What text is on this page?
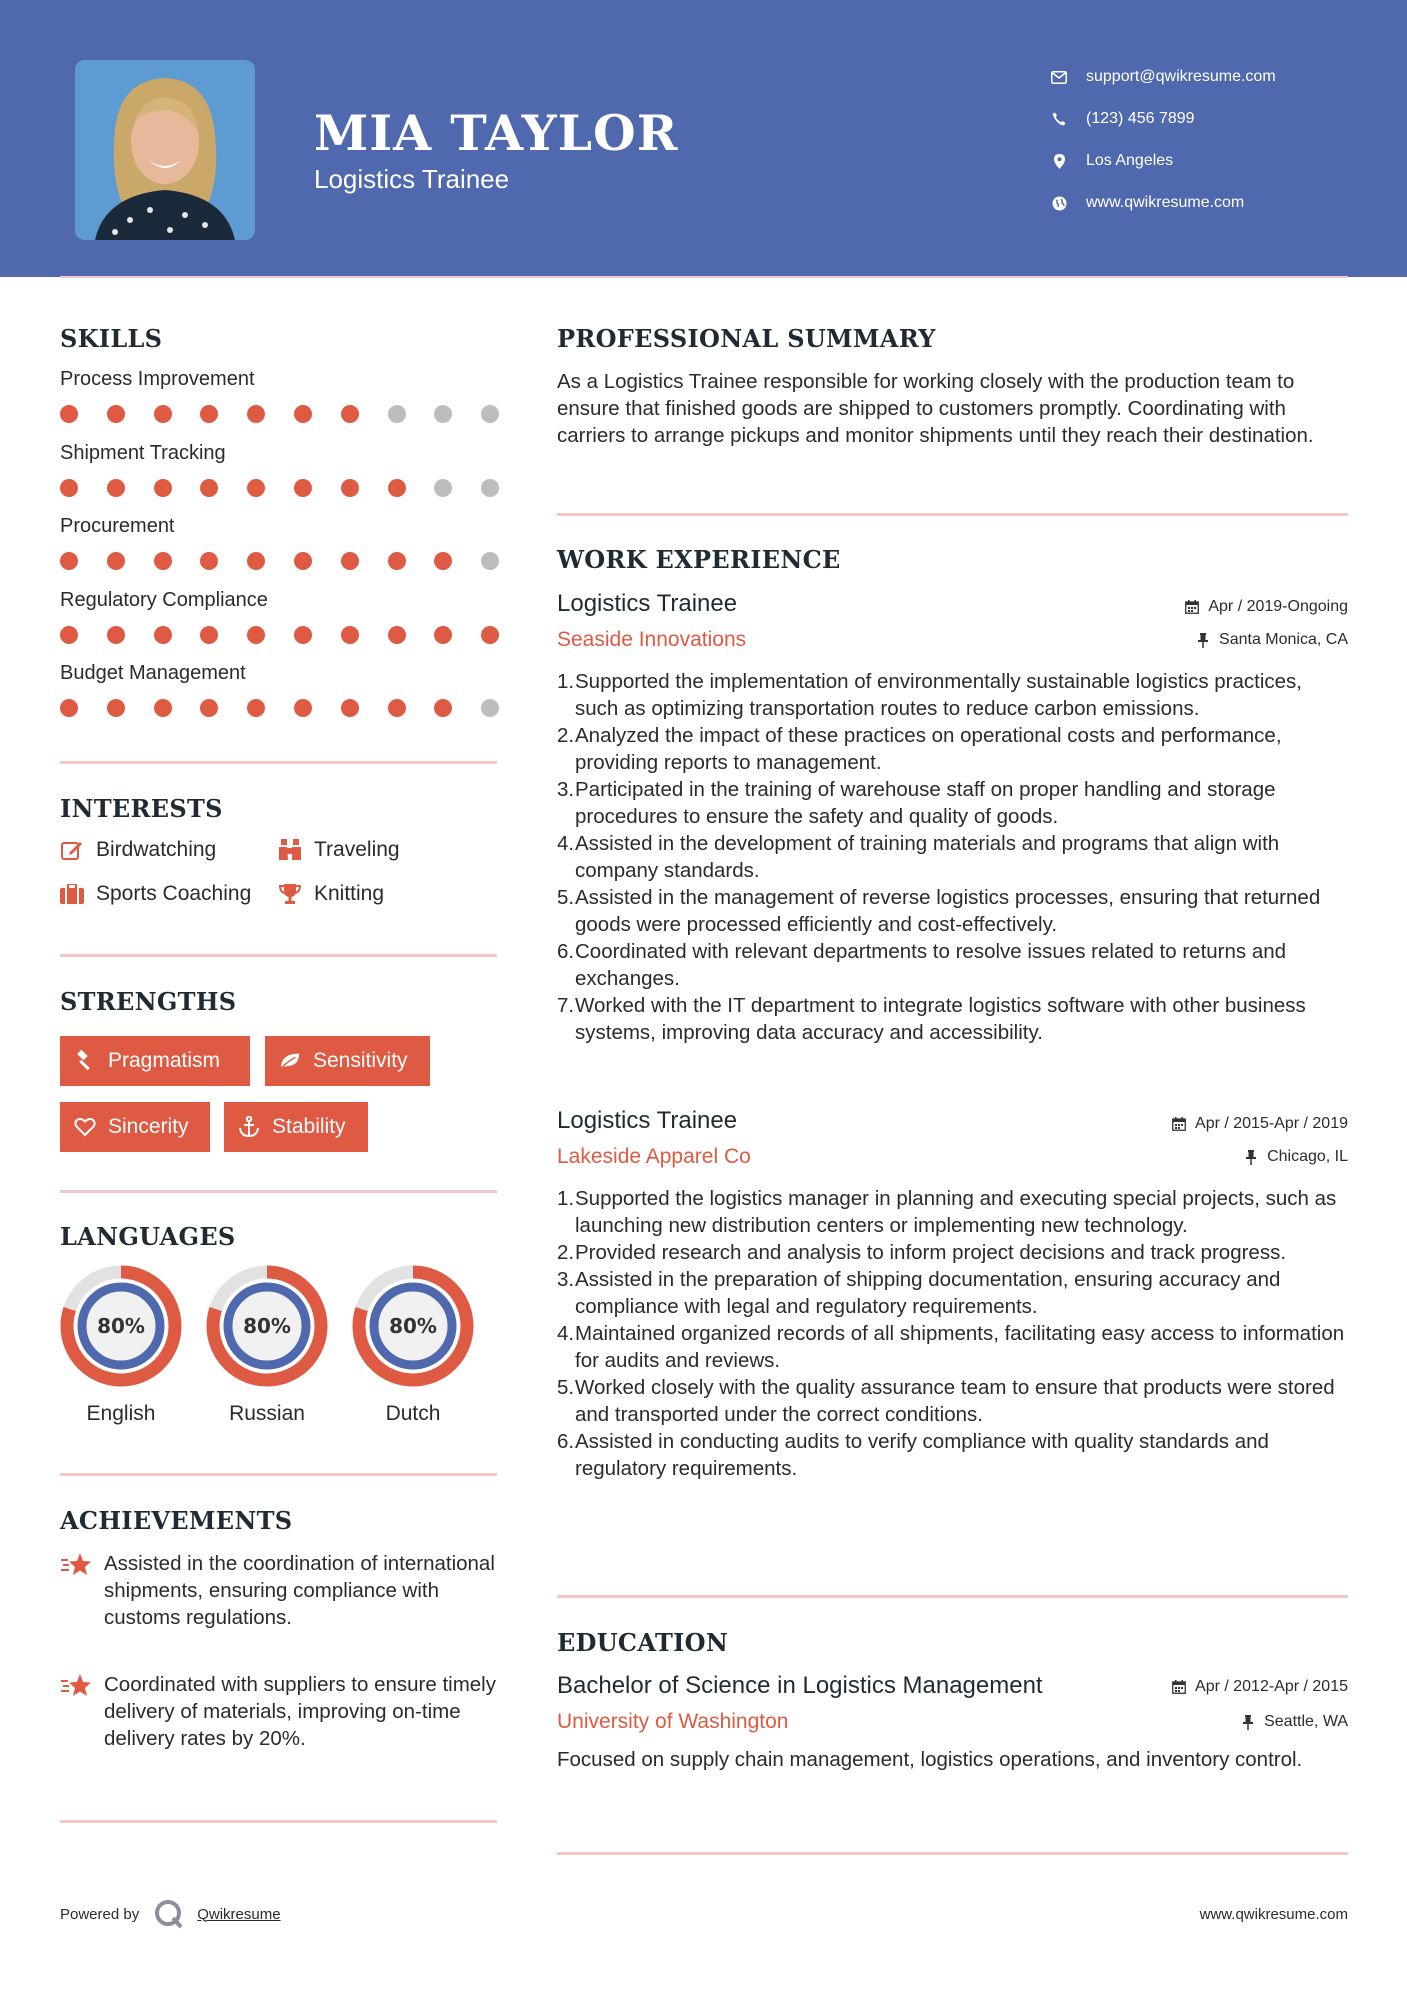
MIA TAYLOR
Logistics Trainee
support@qwikresume.com
(123) 456 7899
Los Angeles
www.qwikresume.com
SKILLS
Process Improvement
Shipment Tracking
Procurement
Regulatory Compliance
Budget Management
INTERESTS
Birdwatching	Traveling
Sports Coaching	Knitting
STRENGTHS
Pragmatism	Sensitivity
Sincerity	Stability
LANGUAGES
80%
English
80%
Russian
80%
Dutch
ACHIEVEMENTS
Assisted in the coordination of international shipments, ensuring compliance with customs regulations.
Coordinated with suppliers to ensure timely delivery of materials, improving on-time delivery rates by 20%.
PROFESSIONAL SUMMARY
As a Logistics Trainee responsible for working closely with the production team to ensure that finished goods are shipped to customers promptly. Coordinating with carriers to arrange pickups and monitor shipments until they reach their destination.
WORK EXPERIENCE
Logistics Trainee	Apr / 2019-Ongoing
Seaside Innovations	Santa Monica, CA
1. Supported the implementation of environmentally sustainable logistics practices, such as optimizing transportation routes to reduce carbon emissions.
2. Analyzed the impact of these practices on operational costs and performance, providing reports to management.
3. Participated in the training of warehouse staff on proper handling and storage procedures to ensure the safety and quality of goods.
4. Assisted in the development of training materials and programs that align with company standards.
5. Assisted in the management of reverse logistics processes, ensuring that returned goods were processed efficiently and cost-effectively.
6. Coordinated with relevant departments to resolve issues related to returns and exchanges.
7. Worked with the IT department to integrate logistics software with other business systems, improving data accuracy and accessibility.
Logistics Trainee	Apr / 2015-Apr / 2019
Lakeside Apparel Co	Chicago, IL
1. Supported the logistics manager in planning and executing special projects, such as launching new distribution centers or implementing new technology.
2. Provided research and analysis to inform project decisions and track progress.
3. Assisted in the preparation of shipping documentation, ensuring accuracy and compliance with legal and regulatory requirements.
4. Maintained organized records of all shipments, facilitating easy access to information for audits and reviews.
5. Worked closely with the quality assurance team to ensure that products were stored and transported under the correct conditions.
6. Assisted in conducting audits to verify compliance with quality standards and regulatory requirements.
EDUCATION
Bachelor of Science in Logistics Management	Apr / 2012-Apr / 2015
University of Washington	Seattle, WA
Focused on supply chain management, logistics operations, and inventory control.
Powered by	Qwikresume	www.qwikresume.com
